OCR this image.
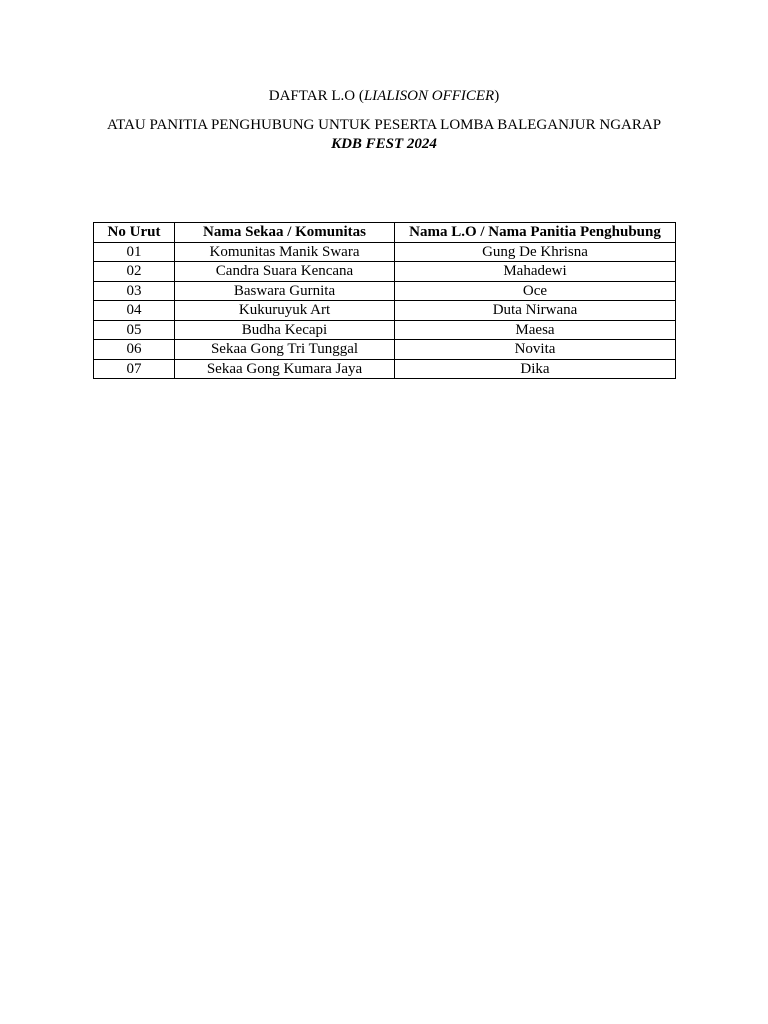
DAFTAR L.O (LIALISON OFFICER)

ATAU PANITIA PENGHUBUNG UNTUK PESERTA LOMBA BALEGANJUR NGARAP

KDB FEST 2024

No Urut	Nama Sekaa / Komunitas	Nama L.O / Nama Panitia Penghubung
01	Komunitas Manik Swara	Gung De Khrisna
02	Candra Suara Kencana	Mahadewi
03	Baswara Gurnita	Oce
04	Kukuruyuk Art	Duta Nirwana
05	Budha Kecapi	Maesa
06	Sekaa Gong Tri Tunggal	Novita
07	Sekaa Gong Kumara Jaya	Dika
